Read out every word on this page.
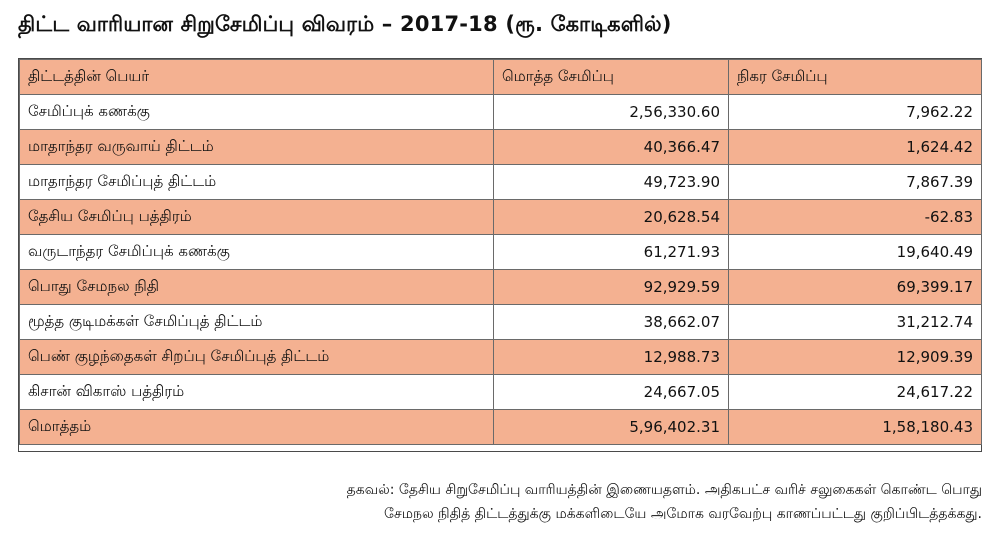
திட்ட வாரியான சிறுசேமிப்பு விவரம் – 2017-18 (ரூ. கோடிகளில்)
திட்டத்தின் பெயர்	மொத்த சேமிப்பு	நிகர சேமிப்பு
சேமிப்புக் கணக்கு	2,56,330.60	7,962.22
மாதாந்தர வருவாய் திட்டம்	40,366.47	1,624.42
மாதாந்தர சேமிப்புத் திட்டம்	49,723.90	7,867.39
தேசிய சேமிப்பு பத்திரம்	20,628.54	-62.83
வருடாந்தர சேமிப்புக் கணக்கு	61,271.93	19,640.49
பொது சேமநல நிதி	92,929.59	69,399.17
மூத்த குடிமக்கள் சேமிப்புத் திட்டம்	38,662.07	31,212.74
பெண் குழந்தைகள் சிறப்பு சேமிப்புத் திட்டம்	12,988.73	12,909.39
கிசான் விகாஸ் பத்திரம்	24,667.05	24,617.22
மொத்தம்	5,96,402.31	1,58,180.43
தகவல்: தேசிய சிறுசேமிப்பு வாரியத்தின் இணையதளம். அதிகபட்ச வரிச் சலுகைகள் கொண்ட பொது
சேமநல நிதித் திட்டத்துக்கு மக்களிடையே அமோக வரவேற்பு காணப்பட்டது குறிப்பிடத்தக்கது.
